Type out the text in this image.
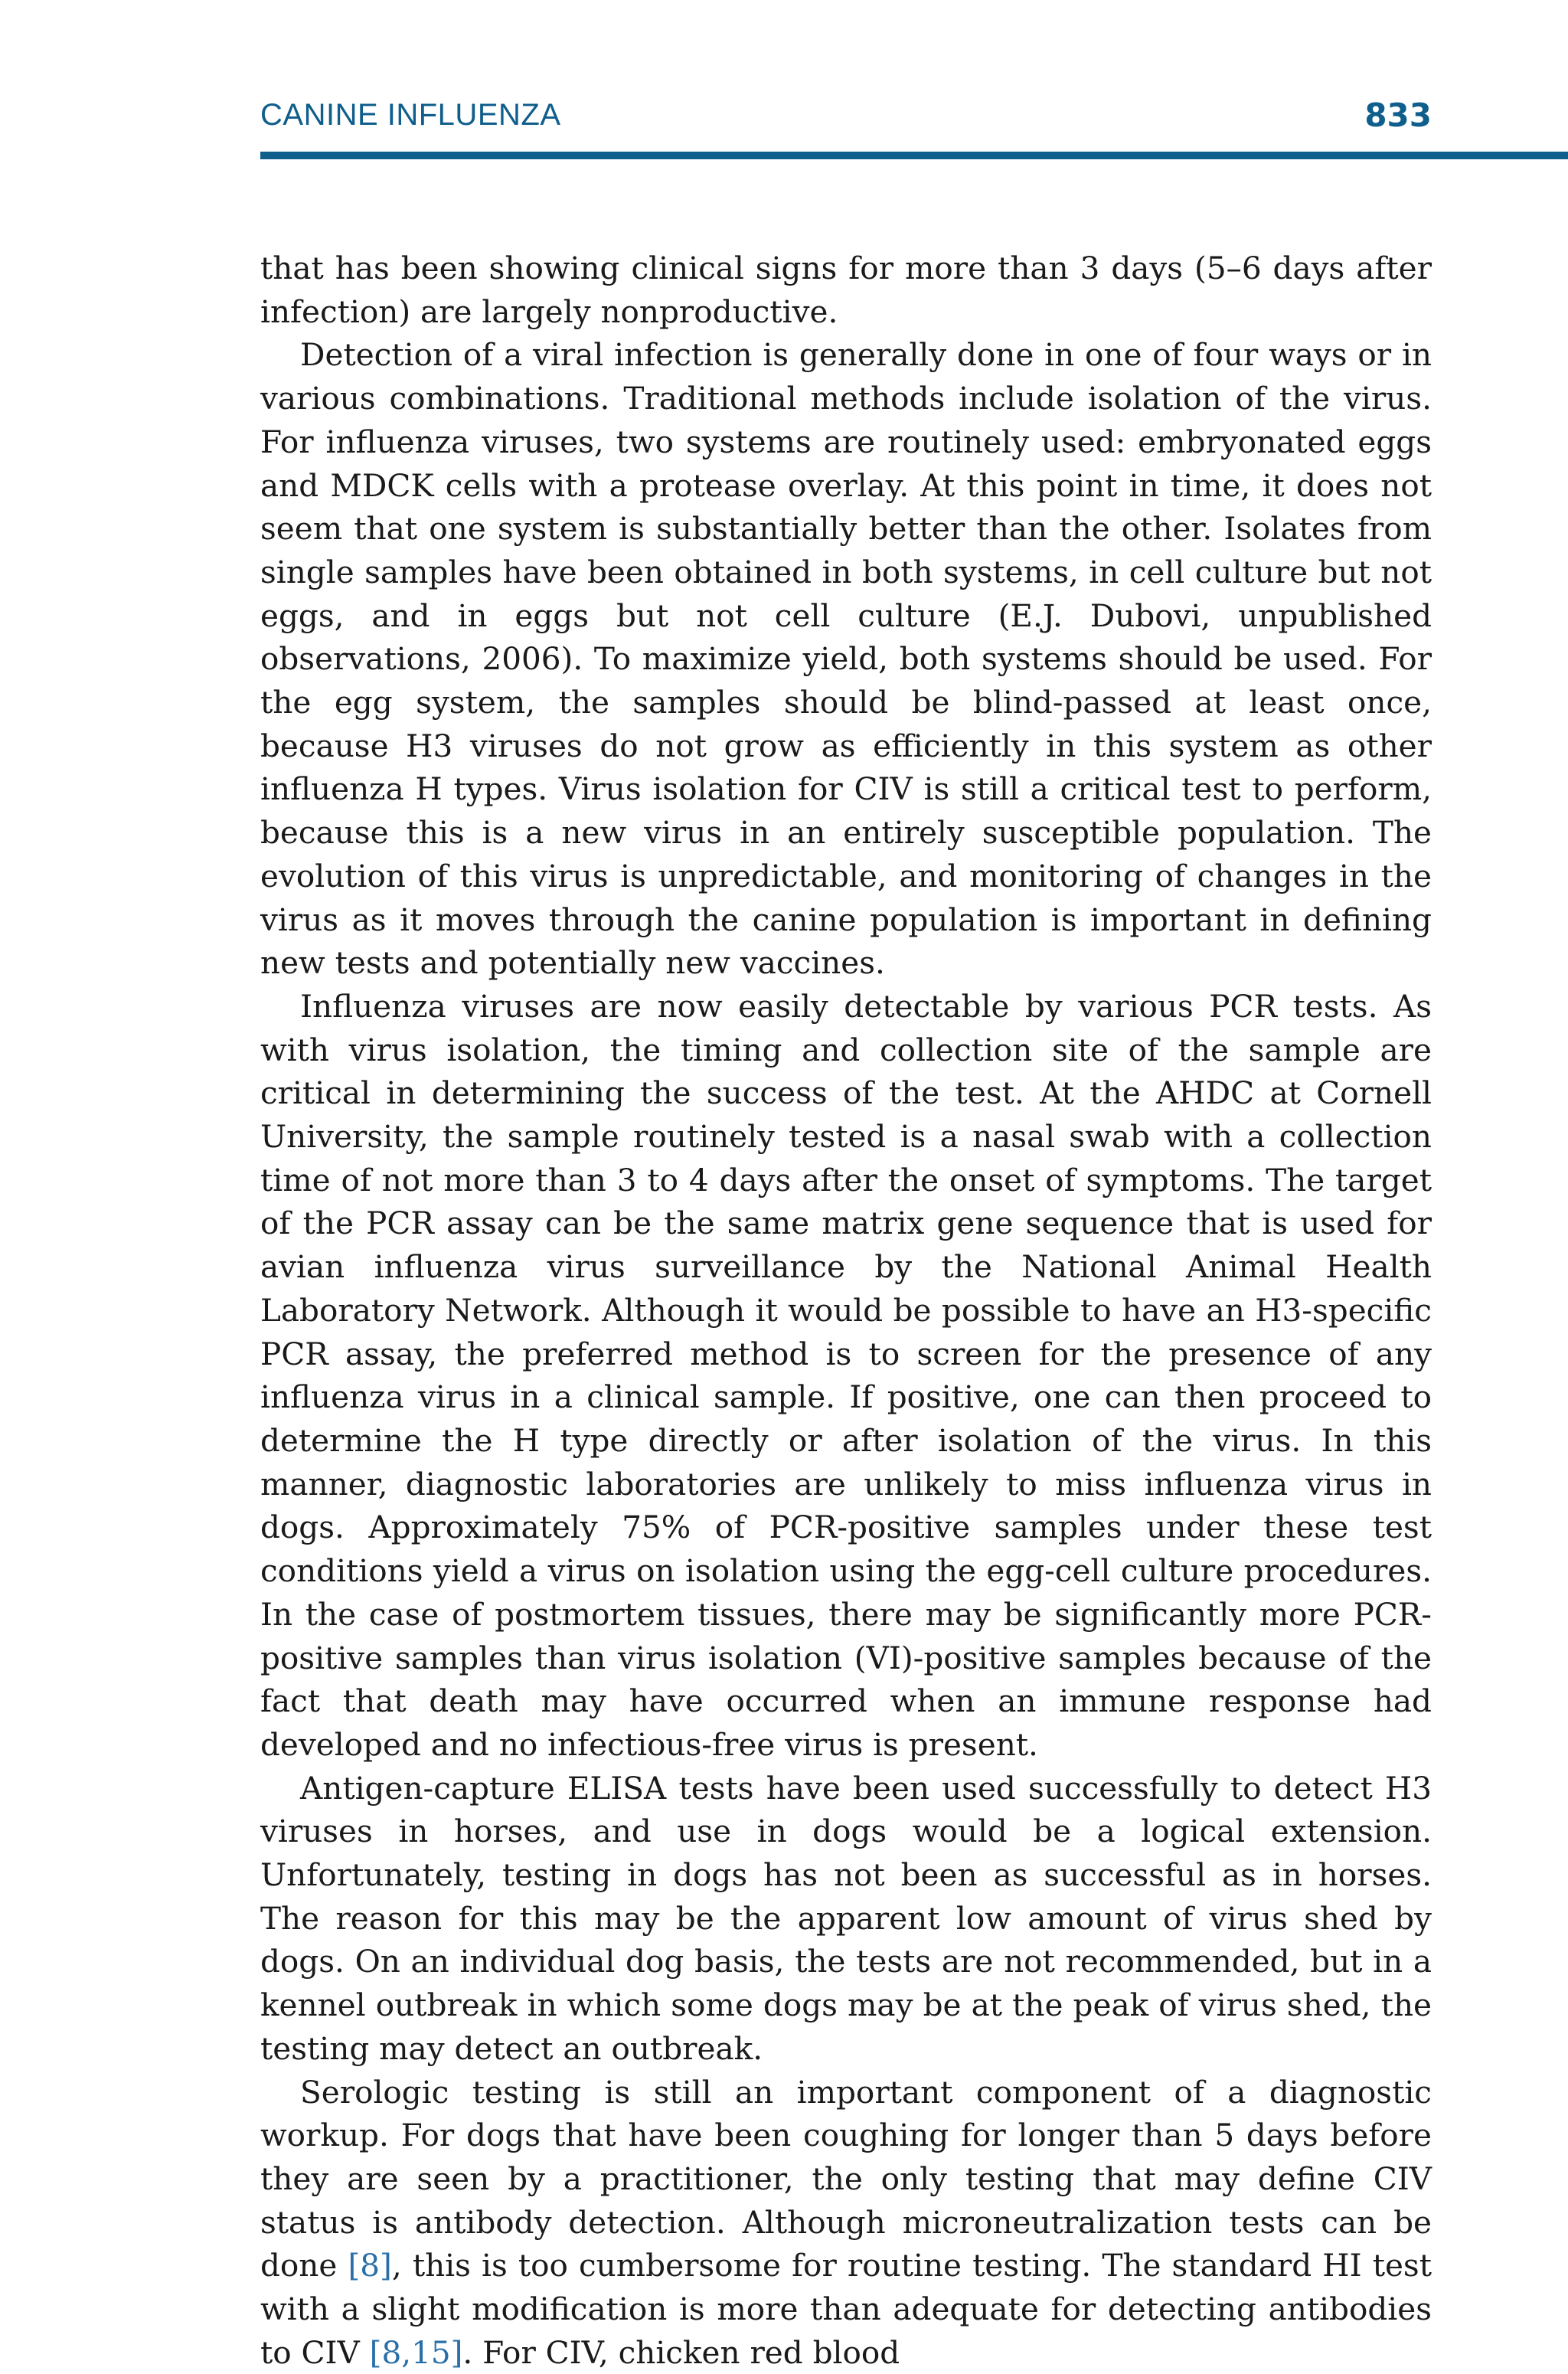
CANINE INFLUENZA	833

that has been showing clinical signs for more than 3 days (5–6 days after infection) are largely nonproductive.

Detection of a viral infection is generally done in one of four ways or in various combinations. Traditional methods include isolation of the virus. For influenza viruses, two systems are routinely used: embryonated eggs and MDCK cells with a protease overlay. At this point in time, it does not seem that one system is substantially better than the other. Isolates from single samples have been obtained in both systems, in cell culture but not eggs, and in eggs but not cell culture (E.J. Dubovi, unpublished observations, 2006). To maximize yield, both systems should be used. For the egg system, the samples should be blind-passed at least once, because H3 viruses do not grow as efficiently in this system as other influenza H types. Virus isolation for CIV is still a critical test to perform, because this is a new virus in an entirely susceptible population. The evolution of this virus is unpredictable, and monitoring of changes in the virus as it moves through the canine population is important in defining new tests and potentially new vaccines.

Influenza viruses are now easily detectable by various PCR tests. As with virus isolation, the timing and collection site of the sample are critical in determining the success of the test. At the AHDC at Cornell University, the sample routinely tested is a nasal swab with a collection time of not more than 3 to 4 days after the onset of symptoms. The target of the PCR assay can be the same matrix gene sequence that is used for avian influenza virus surveillance by the National Animal Health Laboratory Network. Although it would be possible to have an H3-specific PCR assay, the preferred method is to screen for the presence of any influenza virus in a clinical sample. If positive, one can then proceed to determine the H type directly or after isolation of the virus. In this manner, diagnostic laboratories are unlikely to miss influenza virus in dogs. Approximately 75% of PCR-positive samples under these test conditions yield a virus on isolation using the egg-cell culture procedures. In the case of postmortem tissues, there may be significantly more PCR-positive samples than virus isolation (VI)-positive samples because of the fact that death may have occurred when an immune response had developed and no infectious-free virus is present.

Antigen-capture ELISA tests have been used successfully to detect H3 viruses in horses, and use in dogs would be a logical extension. Unfortunately, testing in dogs has not been as successful as in horses. The reason for this may be the apparent low amount of virus shed by dogs. On an individual dog basis, the tests are not recommended, but in a kennel outbreak in which some dogs may be at the peak of virus shed, the testing may detect an outbreak.

Serologic testing is still an important component of a diagnostic workup. For dogs that have been coughing for longer than 5 days before they are seen by a practitioner, the only testing that may define CIV status is antibody detection. Although microneutralization tests can be done [8], this is too cumbersome for routine testing. The standard HI test with a slight modification is more than adequate for detecting antibodies to CIV [8,15]. For CIV, chicken red blood
